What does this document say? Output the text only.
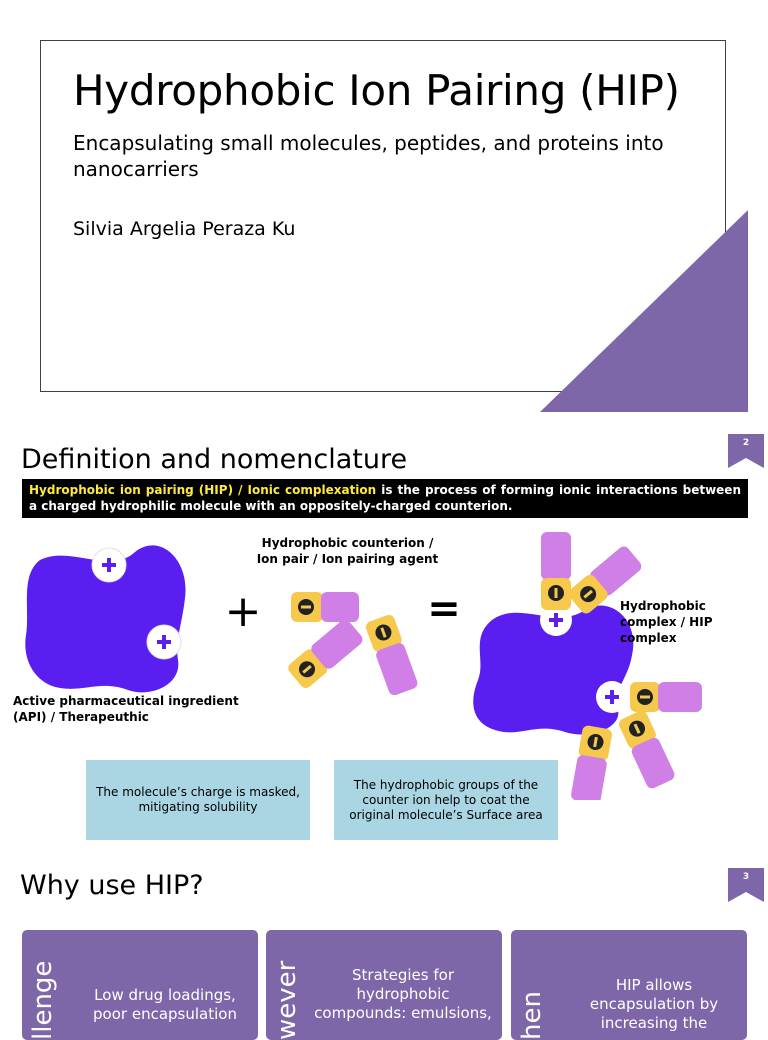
Hydrophobic Ion Pairing (HIP)
Encapsulating small molecules, peptides, and proteins into nanocarriers
Silvia Argelia Peraza Ku
Definition and nomenclature
2
Hydrophobic ion pairing (HIP) / Ionic complexation is the process of forming ionic interactions between a charged hydrophilic molecule with an oppositely-charged counterion.
+	=
Hydrophobic counterion /
Ion pair / Ion pairing agent
Active pharmaceutical ingredient
(API) / Therapeuthic
Hydrophobic
complex / HIP
complex
The molecule’s charge is masked, mitigating solubility
The hydrophobic groups of the counter ion help to coat the original molecule’s Surface area
Why use HIP?	3
llenge	Low drug loadings, poor encapsulation	wever	Strategies for hydrophobic compounds: emulsions, hen
HIP allows encapsulation by increasing the
